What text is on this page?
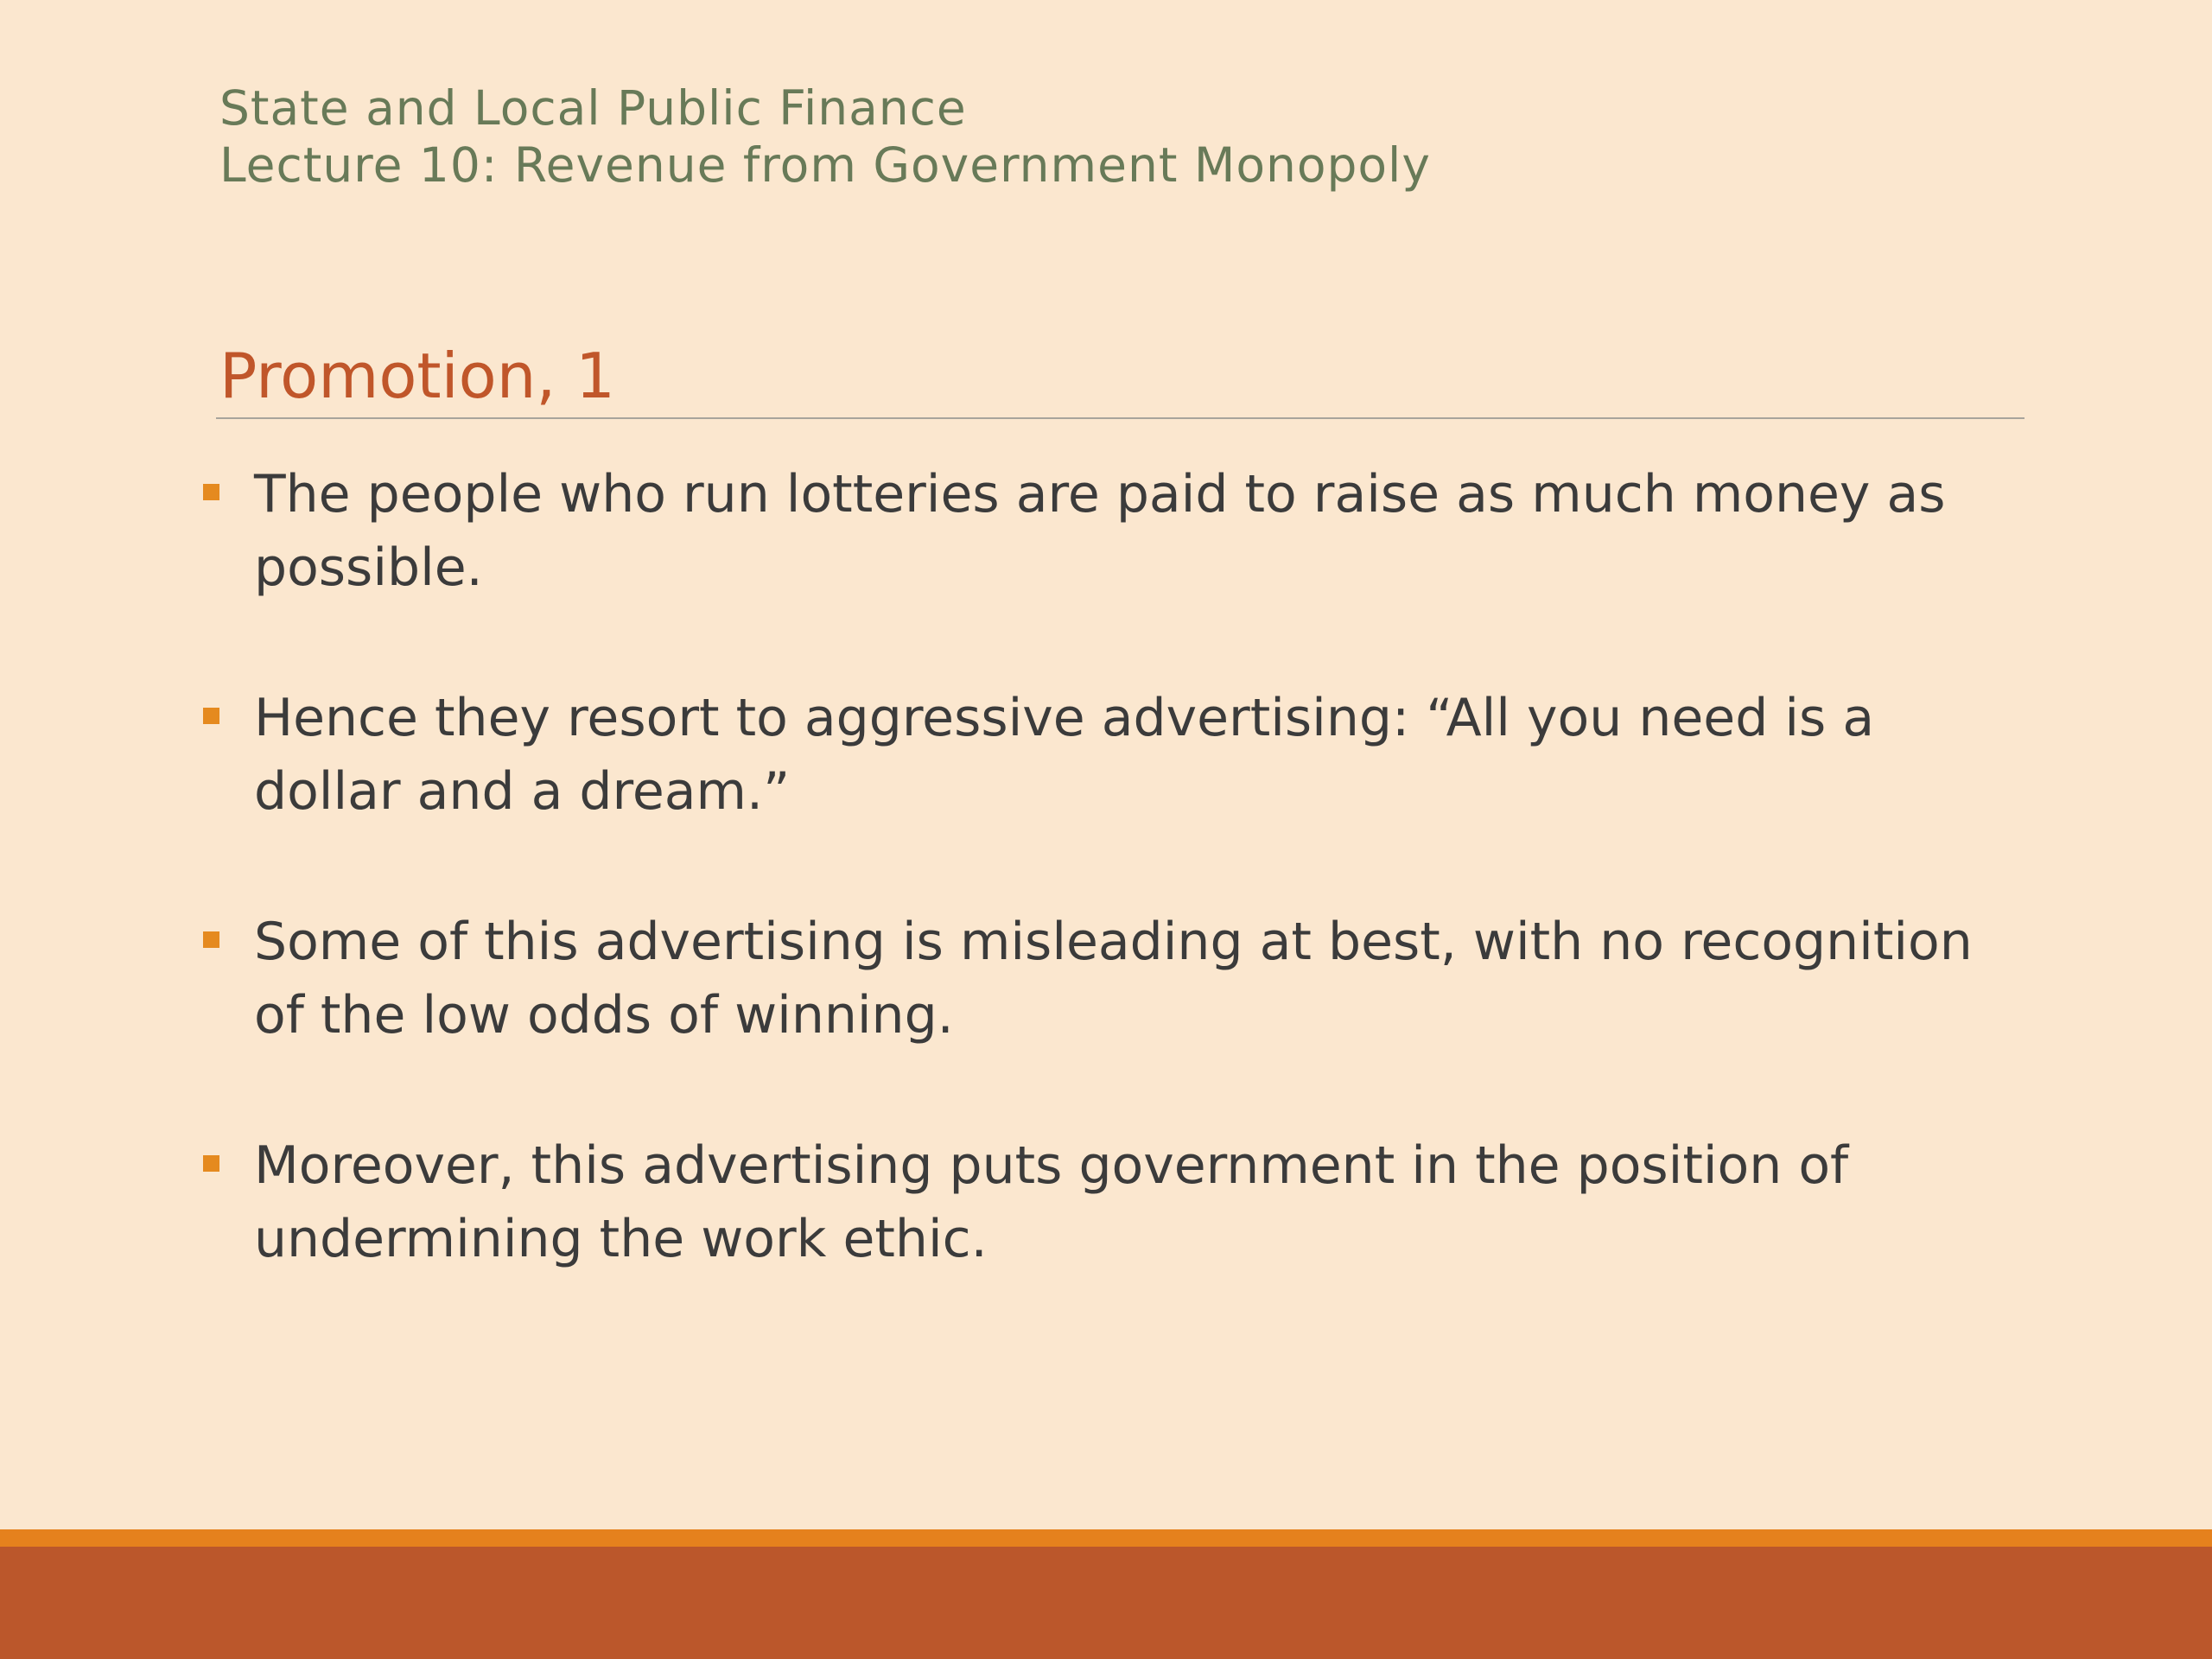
State and Local Public Finance
Lecture 10: Revenue from Government Monopoly
Promotion, 1
The people who run lotteries are paid to raise as much money as possible.
Hence they resort to aggressive advertising: “All you need is a dollar and a dream.”
Some of this advertising is misleading at best, with no recognition of the low odds of winning.
Moreover, this advertising puts government in the position of undermining the work ethic.
